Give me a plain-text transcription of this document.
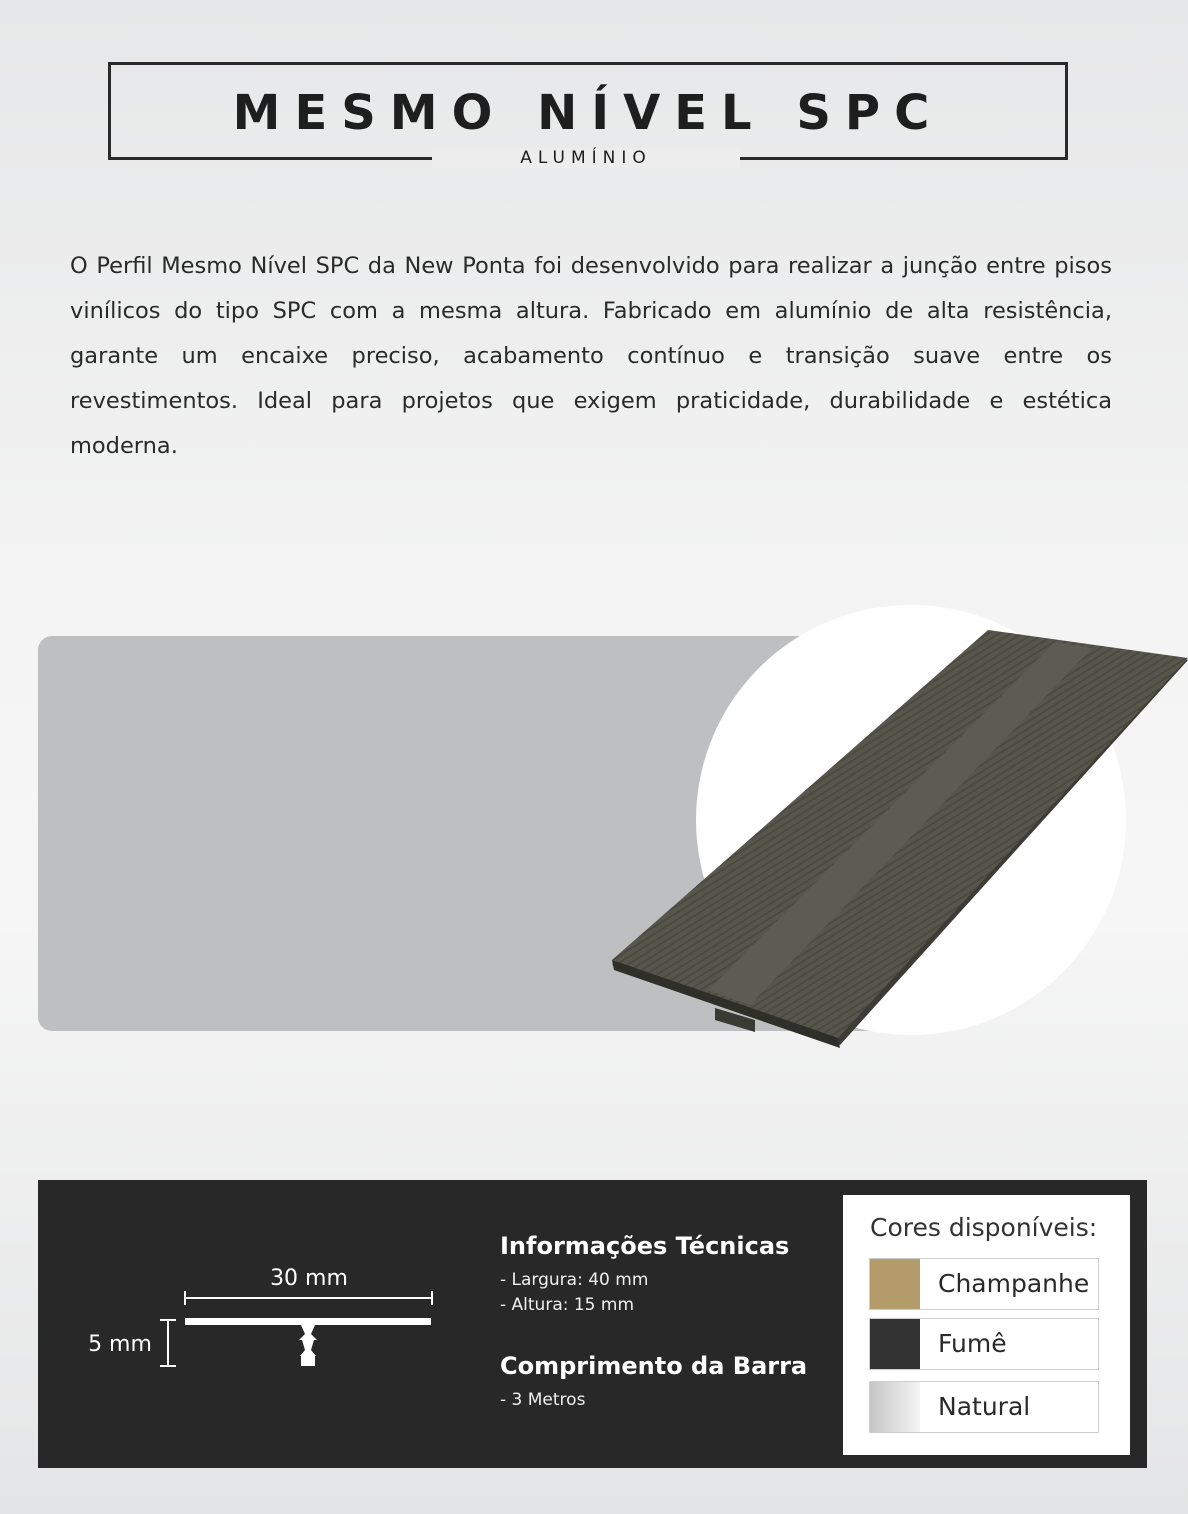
MESMO NÍVEL SPC
ALUMÍNIO
O Perfil Mesmo Nível SPC da New Ponta foi desenvolvido para realizar a junção entre pisos vinílicos do tipo SPC com a mesma altura. Fabricado em alumínio de alta resistência, garante um encaixe preciso, acabamento contínuo e transição suave entre os revestimentos. Ideal para projetos que exigem praticidade, durabilidade e estética moderna.
30 mm
5 mm
Informações Técnicas
- Largura: 40 mm
- Altura: 15 mm
Comprimento da Barra
- 3 Metros
Cores disponíveis:
Champanhe
Fumê
Natural
